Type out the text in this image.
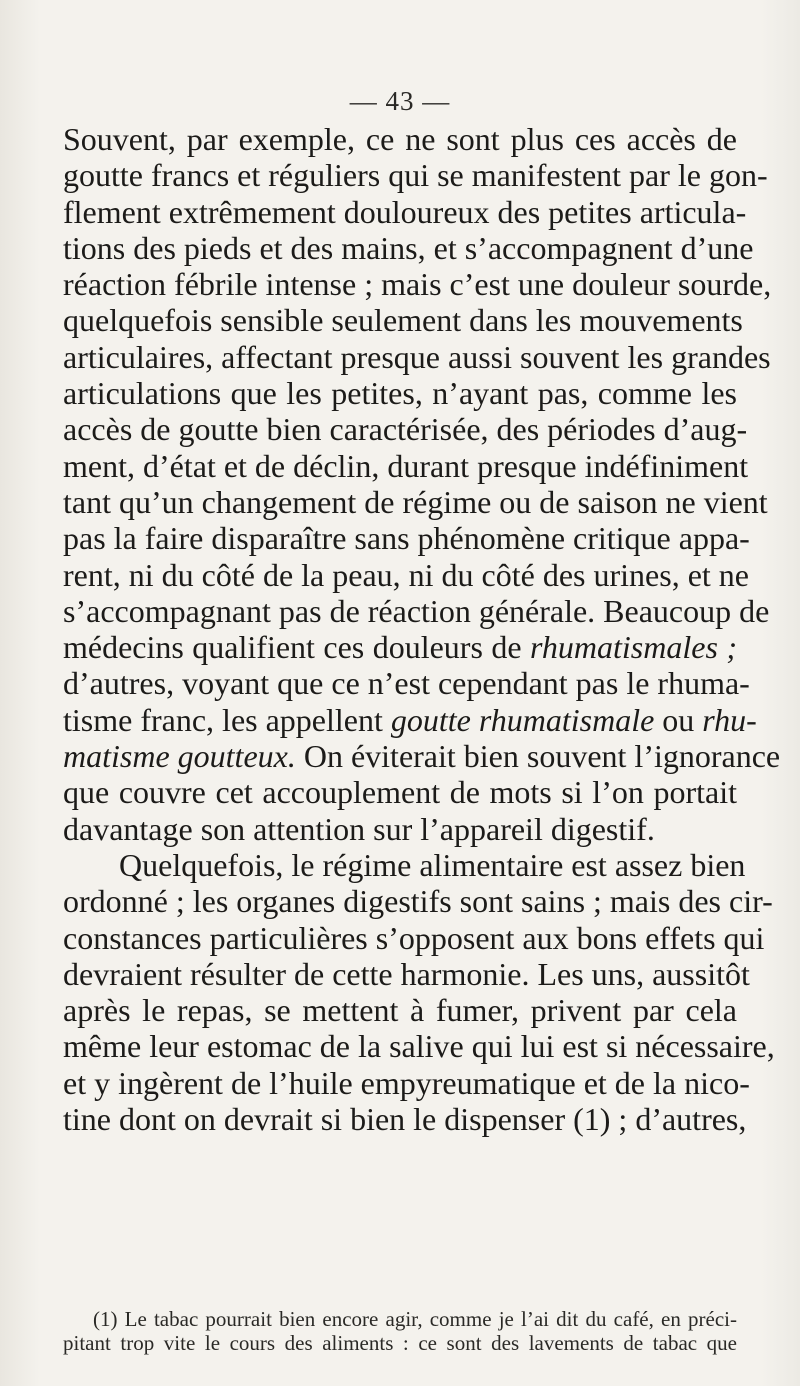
— 43 —
Souvent, par exemple, ce ne sont plus ces accès de
goutte francs et réguliers qui se manifestent par le gon-
flement extrêmement douloureux des petites articula-
tions des pieds et des mains, et s’accompagnent d’une
réaction fébrile intense ; mais c’est une douleur sourde,
quelquefois sensible seulement dans les mouvements
articulaires, affectant presque aussi souvent les grandes
articulations que les petites, n’ayant pas, comme les
accès de goutte bien caractérisée, des périodes d’aug-
ment, d’état et de déclin, durant presque indéfiniment
tant qu’un changement de régime ou de saison ne vient
pas la faire disparaître sans phénomène critique appa-
rent, ni du côté de la peau, ni du côté des urines, et ne
s’accompagnant pas de réaction générale. Beaucoup de
médecins qualifient ces douleurs de rhumatismales ;
d’autres, voyant que ce n’est cependant pas le rhuma-
tisme franc, les appellent goutte rhumatismale ou rhu-
matisme goutteux. On éviterait bien souvent l’ignorance
que couvre cet accouplement de mots si l’on portait
davantage son attention sur l’appareil digestif.
Quelquefois, le régime alimentaire est assez bien
ordonné ; les organes digestifs sont sains ; mais des cir-
constances particulières s’opposent aux bons effets qui
devraient résulter de cette harmonie. Les uns, aussitôt
après le repas, se mettent à fumer, privent par cela
même leur estomac de la salive qui lui est si nécessaire,
et y ingèrent de l’huile empyreumatique et de la nico-
tine dont on devrait si bien le dispenser (1) ; d’autres,
(1) Le tabac pourrait bien encore agir, comme je l’ai dit du café, en préci-
pitant trop vite le cours des aliments : ce sont des lavements de tabac que
